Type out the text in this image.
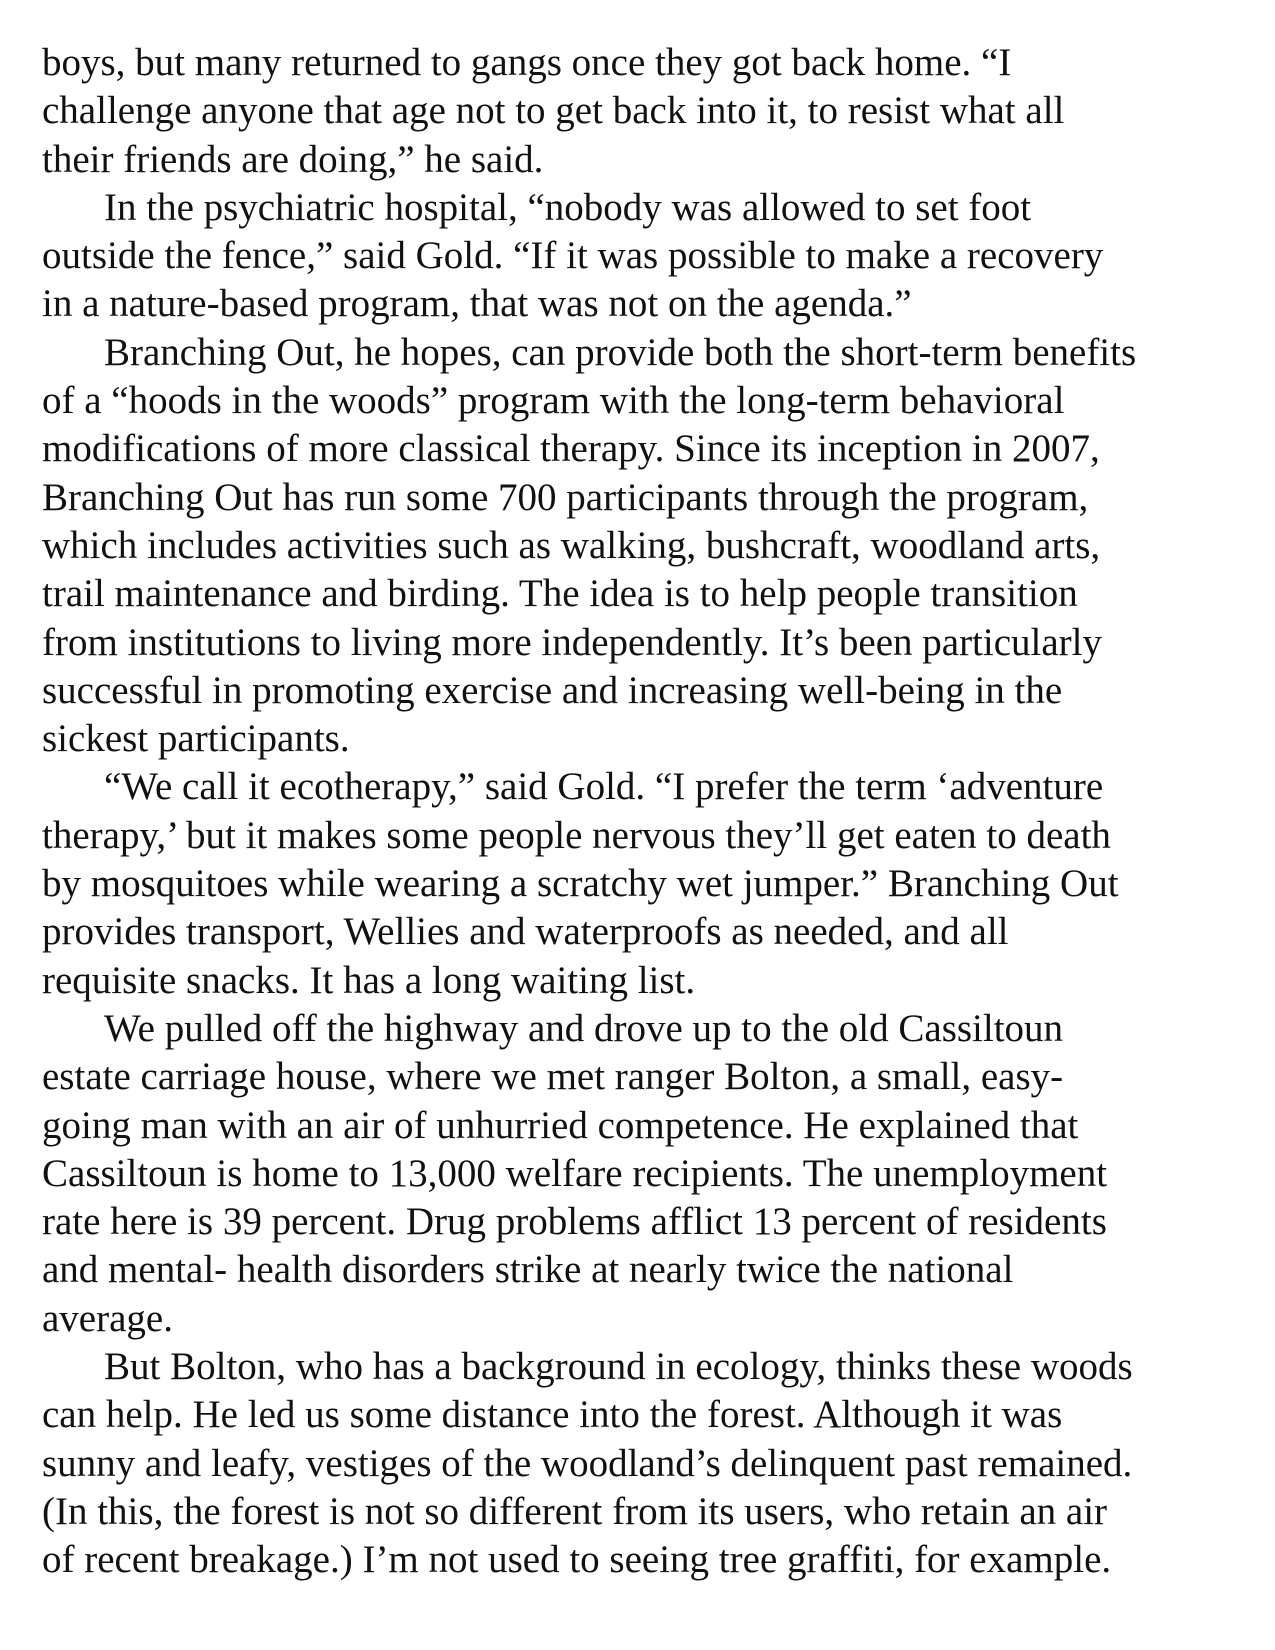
boys, but many returned to gangs once they got back home. “I
challenge anyone that age not to get back into it, to resist what all
their friends are doing,” he said.
In the psychiatric hospital, “nobody was allowed to set foot
outside the fence,” said Gold. “If it was possible to make a recovery
in a nature-based program, that was not on the agenda.”
Branching Out, he hopes, can provide both the short-term benefits
of a “hoods in the woods” program with the long-term behavioral
modifications of more classical therapy. Since its inception in 2007,
Branching Out has run some 700 participants through the program,
which includes activities such as walking, bushcraft, woodland arts,
trail maintenance and birding. The idea is to help people transition
from institutions to living more independently. It’s been particularly
successful in promoting exercise and increasing well-being in the
sickest participants.
“We call it ecotherapy,” said Gold. “I prefer the term ‘adventure
therapy,’ but it makes some people nervous they’ll get eaten to death
by mosquitoes while wearing a scratchy wet jumper.” Branching Out
provides transport, Wellies and waterproofs as needed, and all
requisite snacks. It has a long waiting list.
We pulled off the highway and drove up to the old Cassiltoun
estate carriage house, where we met ranger Bolton, a small, easy-
going man with an air of unhurried competence. He explained that
Cassiltoun is home to 13,000 welfare recipients. The unemployment
rate here is 39 percent. Drug problems afflict 13 percent of residents
and mental- health disorders strike at nearly twice the national
average.
But Bolton, who has a background in ecology, thinks these woods
can help. He led us some distance into the forest. Although it was
sunny and leafy, vestiges of the woodland’s delinquent past remained.
(In this, the forest is not so different from its users, who retain an air
of recent breakage.) I’m not used to seeing tree graffiti, for example.
